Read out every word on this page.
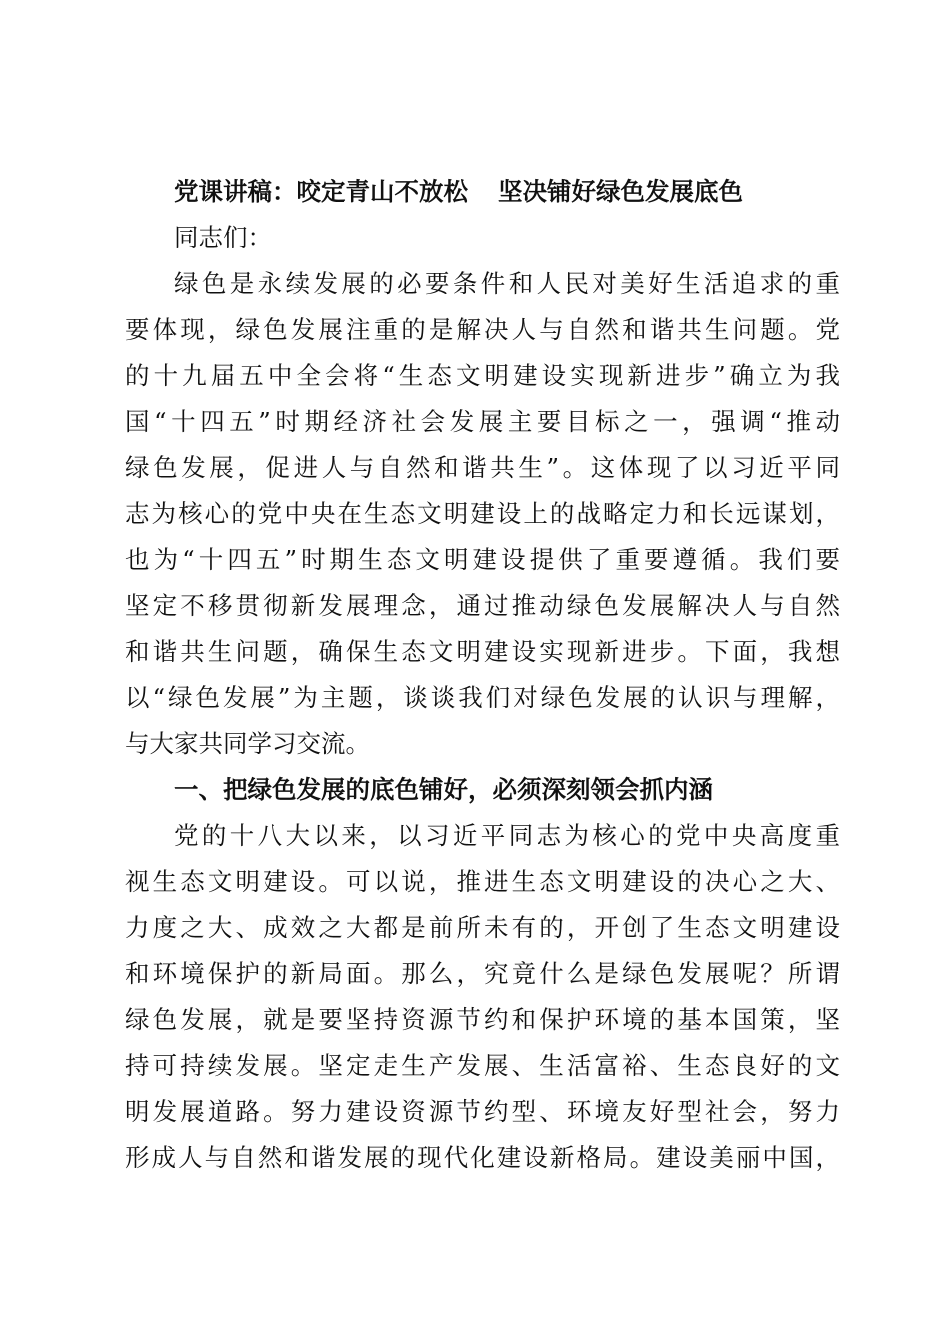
党课讲稿：咬定青山不放松 坚决铺好绿色发展底色
同志们：
绿色是永续发展的必要条件和人民对美好生活追求的重
要体现，绿色发展注重的是解决人与自然和谐共生问题。党
的十九届五中全会将“生态文明建设实现新进步”确立为我
国“十四五”时期经济社会发展主要目标之一，强调“推动
绿色发展，促进人与自然和谐共生”。这体现了以习近平同
志为核心的党中央在生态文明建设上的战略定力和长远谋划，
也为“十四五”时期生态文明建设提供了重要遵循。我们要
坚定不移贯彻新发展理念，通过推动绿色发展解决人与自然
和谐共生问题，确保生态文明建设实现新进步。下面，我想
以“绿色发展”为主题，谈谈我们对绿色发展的认识与理解，
与大家共同学习交流。
一、把绿色发展的底色铺好，必须深刻领会抓内涵
党的十八大以来，以习近平同志为核心的党中央高度重
视生态文明建设。可以说，推进生态文明建设的决心之大、
力度之大、成效之大都是前所未有的，开创了生态文明建设
和环境保护的新局面。那么，究竟什么是绿色发展呢？所谓
绿色发展，就是要坚持资源节约和保护环境的基本国策，坚
持可持续发展。坚定走生产发展、生活富裕、生态良好的文
明发展道路。努力建设资源节约型、环境友好型社会，努力
形成人与自然和谐发展的现代化建设新格局。建设美丽中国，
